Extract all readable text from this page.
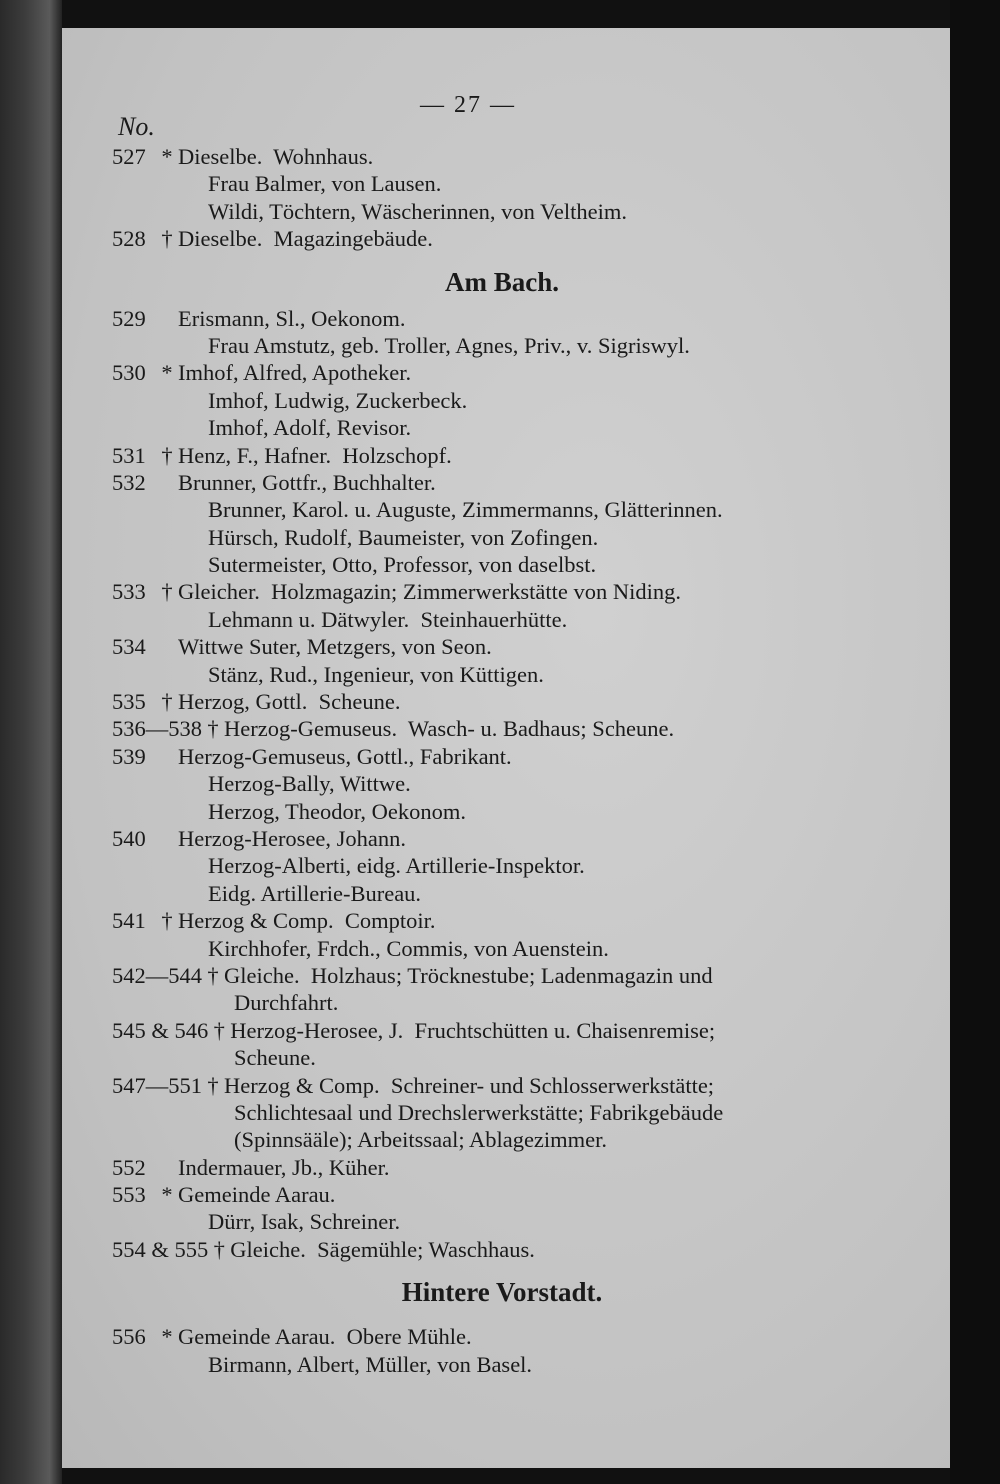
— 27 —
No.
527 * Dieselbe.  Wohnhaus.
Frau Balmer, von Lausen.
Wildi, Töchtern, Wäscherinnen, von Veltheim.
528 † Dieselbe.  Magazingebäude.
Am Bach.
529 Erismann, Sl., Oekonom.
Frau Amstutz, geb. Troller, Agnes, Priv., v. Sigriswyl.
530 * Imhof, Alfred, Apotheker.
Imhof, Ludwig, Zuckerbeck.
Imhof, Adolf, Revisor.
531 † Henz, F., Hafner.  Holzschopf.
532 Brunner, Gottfr., Buchhalter.
Brunner, Karol. u. Auguste, Zimmermanns, Glätterinnen.
Hürsch, Rudolf, Baumeister, von Zofingen.
Sutermeister, Otto, Professor, von daselbst.
533 † Gleicher.  Holzmagazin; Zimmerwerkstätte von Niding.
Lehmann u. Dätwyler.  Steinhauerhütte.
534 Wittwe Suter, Metzgers, von Seon.
Stänz, Rud., Ingenieur, von Küttigen.
535 † Herzog, Gottl.  Scheune.
536—538 † Herzog-Gemuseus.  Wasch- u. Badhaus; Scheune.
539 Herzog-Gemuseus, Gottl., Fabrikant.
Herzog-Bally, Wittwe.
Herzog, Theodor, Oekonom.
540 Herzog-Herosee, Johann.
Herzog-Alberti, eidg. Artillerie-Inspektor.
Eidg. Artillerie-Bureau.
541 † Herzog & Comp.  Comptoir.
Kirchhofer, Frdch., Commis, von Auenstein.
542—544 † Gleiche.  Holzhaus; Tröcknestube; Ladenmagazin und
Durchfahrt.
545 & 546 † Herzog-Herosee, J.  Fruchtschütten u. Chaisenremise;
Scheune.
547—551 † Herzog & Comp.  Schreiner- und Schlosserwerkstätte;
Schlichtesaal und Drechslerwerkstätte; Fabrikgebäude
(Spinnsääle); Arbeitssaal; Ablagezimmer.
552 Indermauer, Jb., Küher.
553 * Gemeinde Aarau.
Dürr, Isak, Schreiner.
554 & 555 † Gleiche.  Sägemühle; Waschhaus.
Hintere Vorstadt.
556 * Gemeinde Aarau.  Obere Mühle.
Birmann, Albert, Müller, von Basel.
